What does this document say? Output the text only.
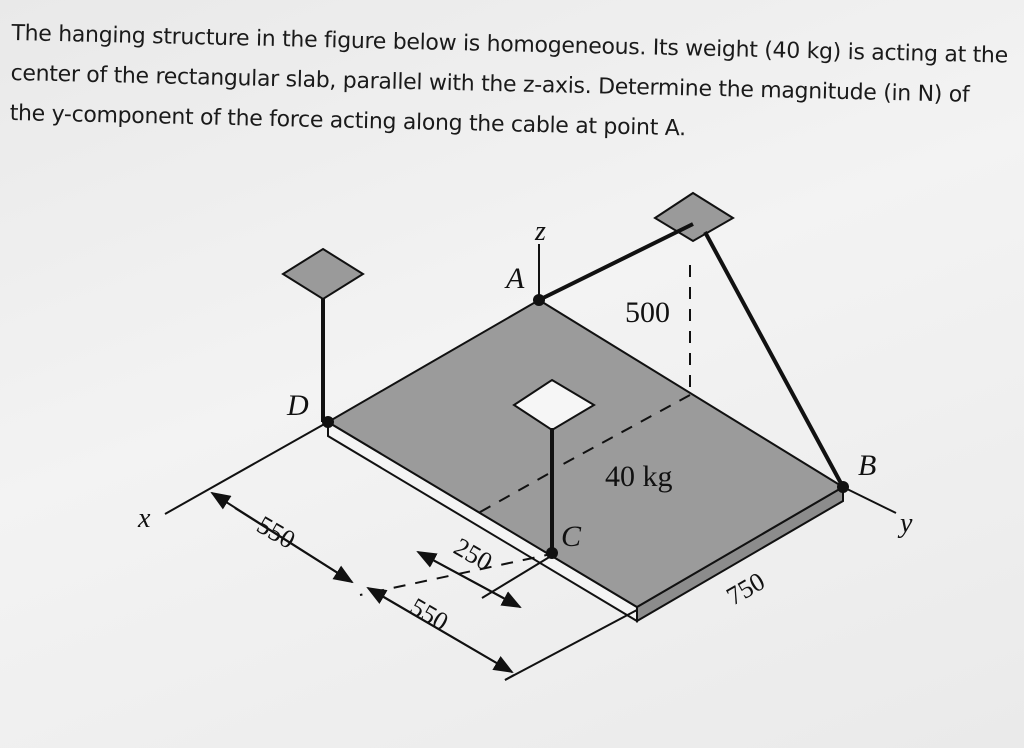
The hanging structure in the figure below is homogeneous. Its weight (40 kg) is acting at the center of the rectangular slab, parallel with the z-axis. Determine the magnitude (in N) of the y-component of the force acting along the cable at point A.

z
A
D
B
C
x	y
40 kg
500
550	250
550
750
